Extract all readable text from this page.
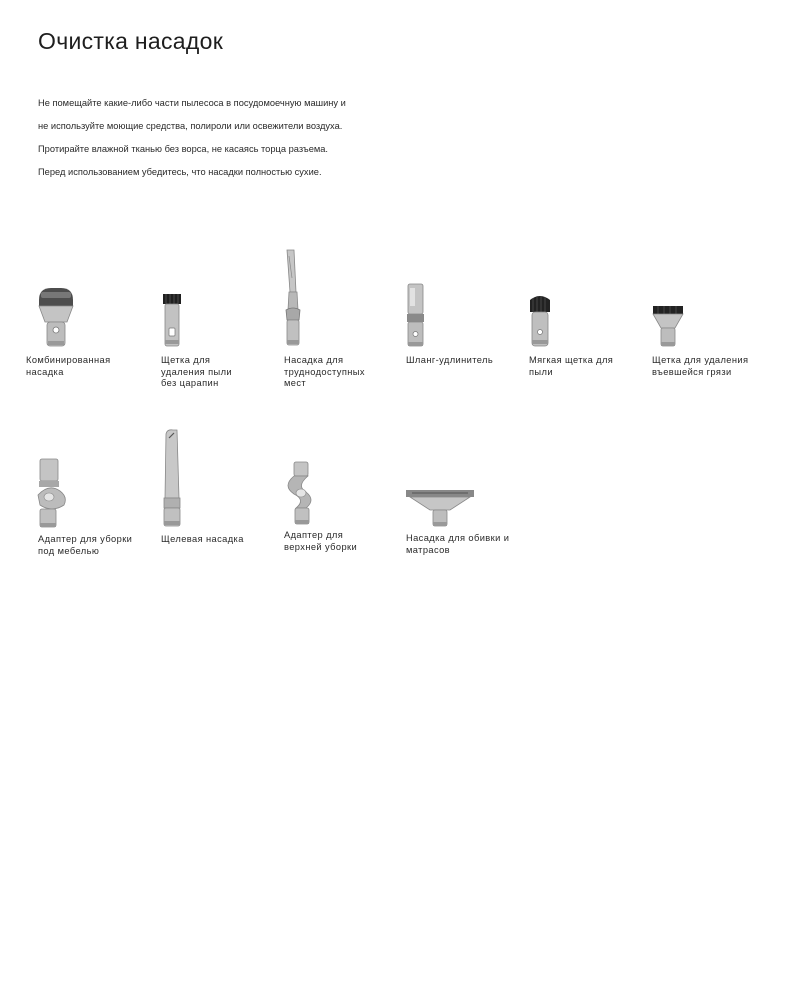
Очистка насадок

Не помещайте какие-либо части пылесоса в посудомоечную машину и

не используйте моющие средства, полироли или освежители воздуха.

Протирайте влажной тканью без ворса, не касаясь торца разъема.

Перед использованием убедитесь, что насадки полностью сухие.

Комбинированная насадка
Щетка для удаления пыли без царапин
Насадка для труднодоступных мест
Шланг-удлинитель	Мягкая щетка для пыли
Щетка для удаления въевшейся грязи
Адаптер для уборки под мебелью
Щелевая насадка	Адаптер для верхней уборки
Насадка для обивки и матрасов
